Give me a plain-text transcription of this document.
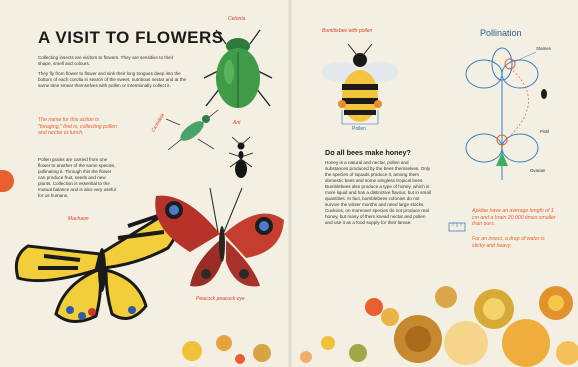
A VISIT TO FLOWERS

Collecting insects are visitors to flowers. They are sensitive to their shape, smell and colours.

They fly from flower to flower and sink their long tongues deep into the bottom of each corolla in search of the sweet, nutritious nectar and at the same time smear themselves with pollen or intentionally collect it.

The name for this action is "foraging," that is, collecting pollen and nectar to lunch.

Pollen grains are carried from one flower to another of the same species, pollinating it. Through this the flower can produce fruit, seeds and new plants. Collection is essential to the mutual balance and is also very useful for us humans.

Cetonia
Cicindela	Ant
Machaon
Peacock peacock eye
Bumblebee with pollen
Pollen
Do all bees make honey?

Honey is a natural and nectar, pollen and substances produced by the bees themselves. Only the species of squads produce it, among them domestic bees and some wingless tropical bees. Bumblebees also produce a type of honey, which is more liquid and has a distinctive flavour, but in small quantities. In fact, bumblebees colonies do not survive the winter months and need large stocks. Cuckoos, on moreover species do not produce real honey, but many of them knead nectar and pollen and use it as a food supply for their larvae.

Pollination
Stamen
Pistil
Ovarian

Apidae have an average length of 1 cm and a brain 20,000 times smaller than ours.

For an insect, a drop of water is sticky and heavy.
